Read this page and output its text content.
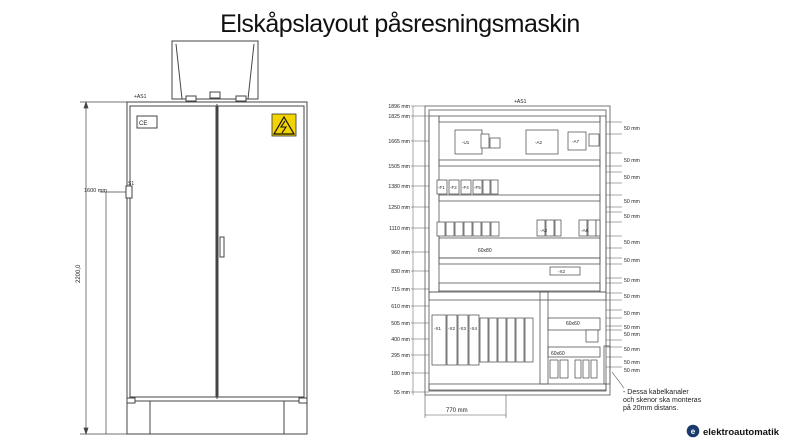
Elskåpslayout påsresningsmaskin
CE
+AS1
S1
1600 mm
2200,0
-U1	-A2	-A7
-X2
-A3	-A8
-F1 -F2 -F4 -F5
-X1 -X2 -X3 -X4
60x80
60x60
60x60
+AS1
1896 mm
1825 mm
1665 mm
1505 mm
1380 mm
1250 mm
1110 mm
960 mm
830 mm
715 mm
610 mm
505 mm
400 mm
295 mm
180 mm
55 mm
50 mm
50 mm
50 mm
50 mm
50 mm
50 mm
50 mm
50 mm
50 mm
50 mm
50 mm
50 mm
50 mm
50 mm
50 mm
770 mm
- Dessa kabelkanaler
och skenor ska monteras
på 20mm distans.
e elektroautomatik
